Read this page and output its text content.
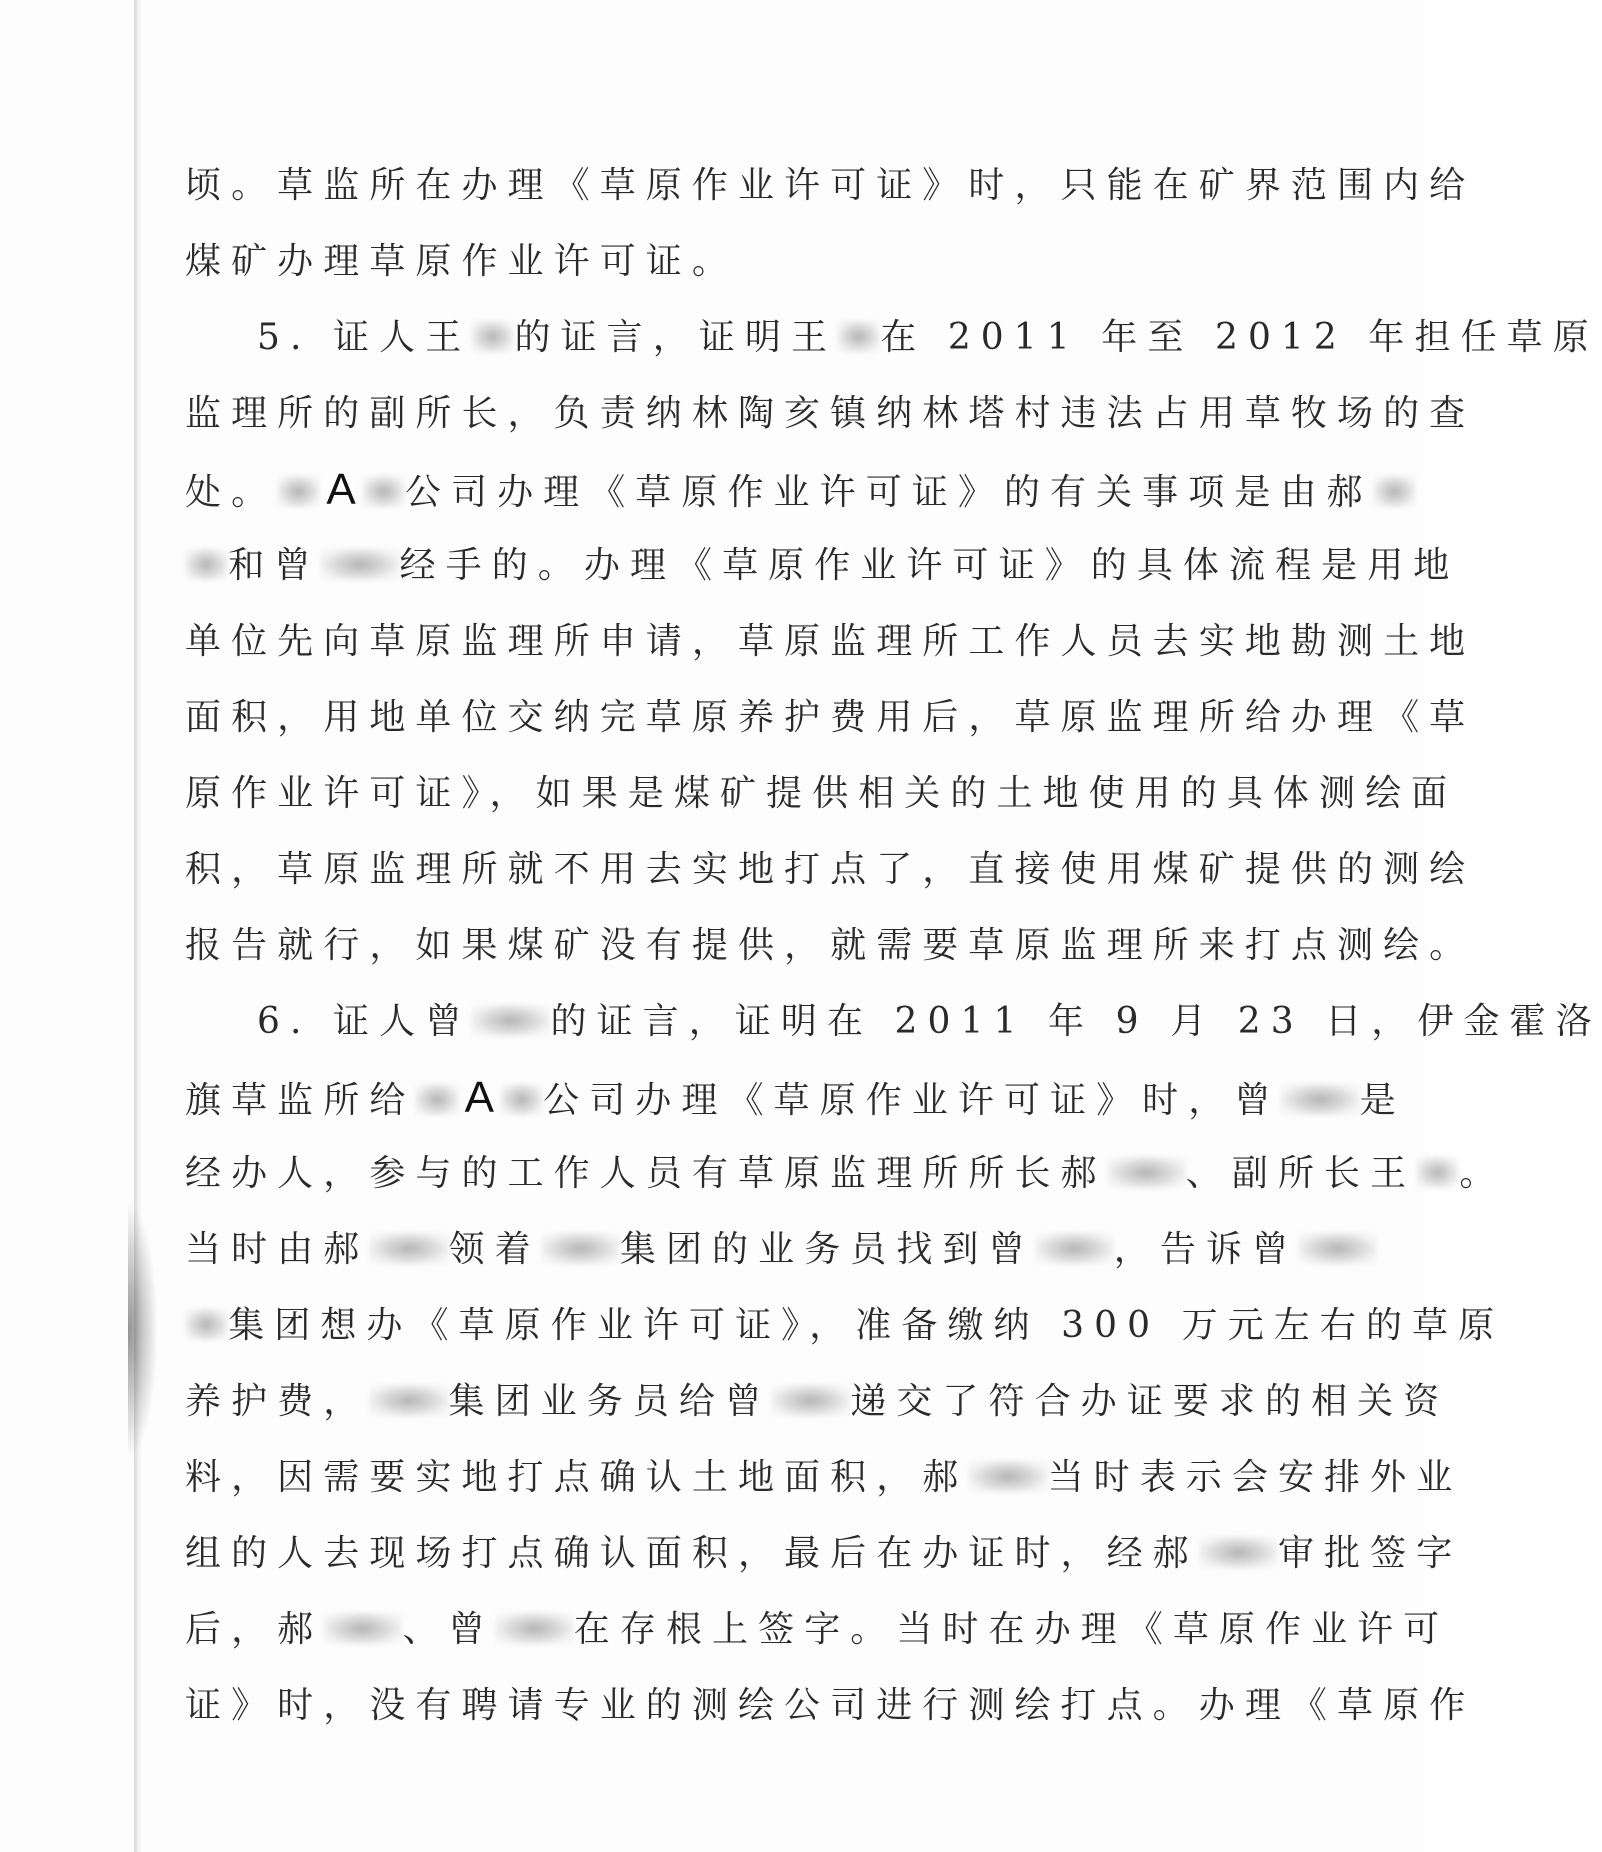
顷。草监所在办理《草原作业许可证》时，只能在矿界范围内给
煤矿办理草原作业许可证。
5. 证人王 的证言，证明王 在 2011 年至 2012 年担任草原
监理所的副所长，负责纳林陶亥镇纳林塔村违法占用草牧场的查
处。 A 公司办理《草原作业许可证》的有关事项是由郝
和曾 经手的。办理《草原作业许可证》的具体流程是用地
单位先向草原监理所申请，草原监理所工作人员去实地勘测土地
面积，用地单位交纳完草原养护费用后，草原监理所给办理《草
原作业许可证》，如果是煤矿提供相关的土地使用的具体测绘面
积，草原监理所就不用去实地打点了，直接使用煤矿提供的测绘
报告就行，如果煤矿没有提供，就需要草原监理所来打点测绘。
6. 证人曾 的证言，证明在 2011 年 9 月 23 日，伊金霍洛
旗草监所给 A 公司办理《草原作业许可证》时，曾 是
经办人，参与的工作人员有草原监理所所长郝 、副所长王 。
当时由郝 领着 集团的业务员找到曾 ，告诉曾
集团想办《草原作业许可证》，准备缴纳 300 万元左右的草原
养护费， 集团业务员给曾 递交了符合办证要求的相关资
料，因需要实地打点确认土地面积，郝 当时表示会安排外业
组的人去现场打点确认面积，最后在办证时，经郝 审批签字
后，郝 、曾 在存根上签字。当时在办理《草原作业许可
证》时，没有聘请专业的测绘公司进行测绘打点。办理《草原作
